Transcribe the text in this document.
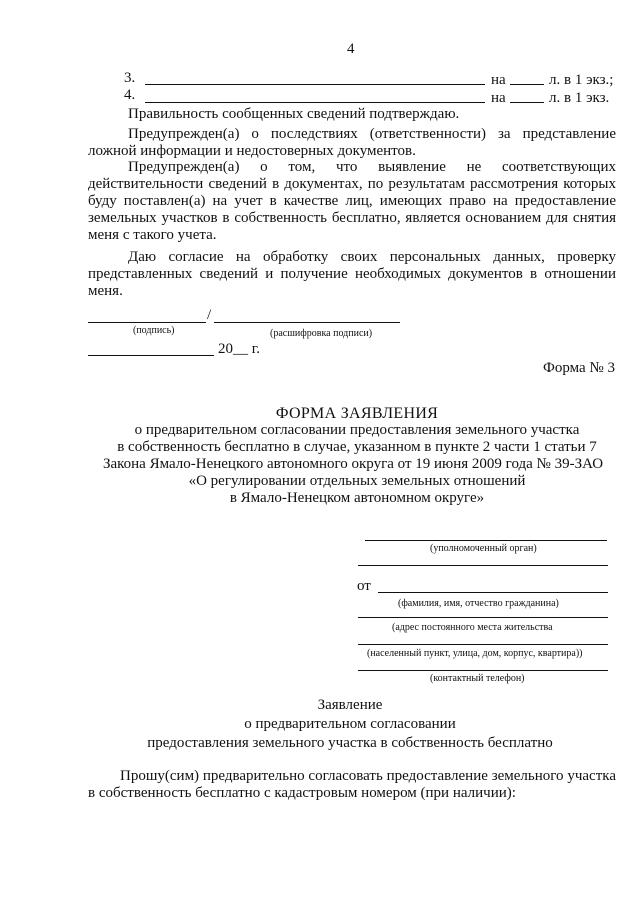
4
3.	на	л. в 1 экз.;
4.	на	л. в 1 экз.
Правильность сообщенных сведений подтверждаю.
Предупрежден(а) о последствиях (ответственности) за представление ложной информации и недостоверных документов.
Предупрежден(а) о том, что выявление не соответствующих действительности сведений в документах, по результатам рассмотрения которых буду поставлен(а) на учет в качестве лиц, имеющих право на предоставление земельных участков в собственность бесплатно, является основанием для снятия меня с такого учета.
Даю согласие на обработку своих персональных данных, проверку представленных сведений и получение необходимых документов в отношении меня.
/
(подпись)	(расшифровка подписи)
20__ г.
Форма № 3
ФОРМА ЗАЯВЛЕНИЯ
о предварительном согласовании предоставления земельного участка
в собственность бесплатно в случае, указанном в пункте 2 части 1 статьи 7
Закона Ямало-Ненецкого автономного округа от 19 июня 2009 года № 39-ЗАО
«О регулировании отдельных земельных отношений
в Ямало-Ненецком автономном округе»
(уполномоченный орган)
от
(фамилия, имя, отчество гражданина)
(адрес постоянного места жительства
(населенный пункт, улица, дом, корпус, квартира))
(контактный телефон)
Заявление
о предварительном согласовании
предоставления земельного участка в собственность бесплатно
Прошу(сим) предварительно согласовать предоставление земельного участка в собственность бесплатно с кадастровым номером (при наличии):
